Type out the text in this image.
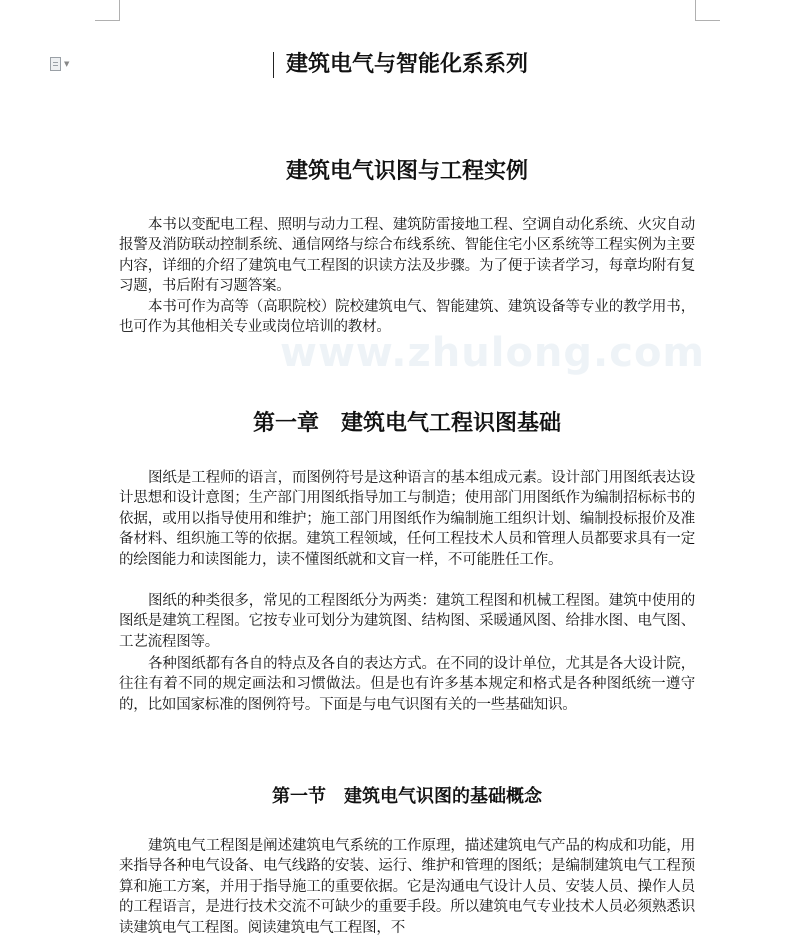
▼
www.zhulong.com
建筑电气与智能化系系列
建筑电气识图与工程实例

本书以变配电工程、照明与动力工程、建筑防雷接地工程、空调自动化系统、火灾自动报警及消防联动控制系统、通信网络与综合布线系统、智能住宅小区系统等工程实例为主要内容，详细的介绍了建筑电气工程图的识读方法及步骤。为了便于读者学习，每章均附有复习题，书后附有习题答案。

本书可作为高等（高职院校）院校建筑电气、智能建筑、建筑设备等专业的教学用书，也可作为其他相关专业或岗位培训的教材。

第一章　建筑电气工程识图基础

图纸是工程师的语言，而图例符号是这种语言的基本组成元素。设计部门用图纸表达设计思想和设计意图；生产部门用图纸指导加工与制造；使用部门用图纸作为编制招标标书的依据，或用以指导使用和维护；施工部门用图纸作为编制施工组织计划、编制投标报价及准备材料、组织施工等的依据。建筑工程领域，任何工程技术人员和管理人员都要求具有一定的绘图能力和读图能力，读不懂图纸就和文盲一样，不可能胜任工作。

图纸的种类很多，常见的工程图纸分为两类：建筑工程图和机械工程图。建筑中使用的图纸是建筑工程图。它按专业可划分为建筑图、结构图、采暖通风图、给排水图、电气图、工艺流程图等。

各种图纸都有各自的特点及各自的表达方式。在不同的设计单位，尤其是各大设计院，往往有着不同的规定画法和习惯做法。但是也有许多基本规定和格式是各种图纸统一遵守的，比如国家标准的图例符号。下面是与电气识图有关的一些基础知识。

第一节　建筑电气识图的基础概念

建筑电气工程图是阐述建筑电气系统的工作原理，描述建筑电气产品的构成和功能，用来指导各种电气设备、电气线路的安装、运行、维护和管理的图纸；是编制建筑电气工程预算和施工方案，并用于指导施工的重要依据。它是沟通电气设计人员、安装人员、操作人员的工程语言，是进行技术交流不可缺少的重要手段。所以建筑电气专业技术人员必须熟悉识读建筑电气工程图。阅读建筑电气工程图，不
